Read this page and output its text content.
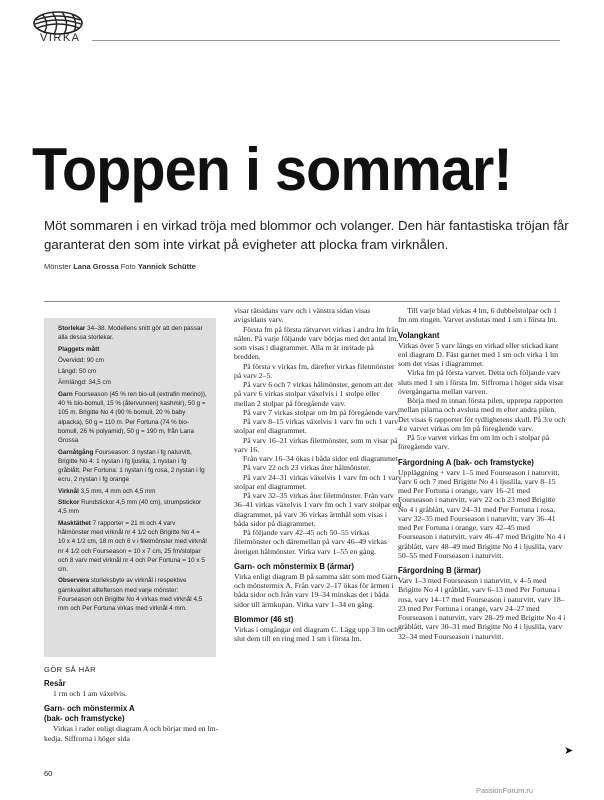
VIRKA
Toppen i sommar!

Möt sommaren i en virkad tröja med blommor och volanger. Den här fantastiska tröjan får garanterat den som inte virkat på evigheter att plocka fram virknålen.

Mönster Lana Grossa Foto Yannick Schütte

Storlekar 34–38. Modellens snitt gör att den passar alla dessa storlekar.

Plaggets mått

Övervidd: 90 cm

Längd: 50 cm

Ärmlängd: 34,5 cm

Garn Fourseason (45 % ren bio-ull (extrafin merino)), 40 % bio-bomull, 15 % (återvunnen) kashmir), 50 g = 105 m. Brigitte No 4 (90 % bomull, 20 % baby alpacka), 50 g = 110 m. Per Fortuna (74 % bio-bomull, 26 % polyamid), 50 g = 190 m, från Lana Grossa

Garnåtgång Fourseason: 3 nystan i fg naturvitt, Brigitte No 4: 1 nystan i fg ljuslila, 1 nystan i fg gråblått, Per Fortuna: 1 nystan i fg rosa, 2 nystan i fg ecru, 2 nystan i fg orange

Virknål 3,5 mm, 4 mm och 4,5 mm

Stickor Rundstickor 4,5 mm (40 cm), strumpstickor 4,5 mm

Masktäthet 7 rapporter = 21 m och 4 varv hålmönster med virknål nr 4 1/2 och Brigitte No 4 = 10 x 4 1/2 cm, 18 m och 6 v i filetmönster med virknål nr 4 1/2 och Fourseason = 10 x 7 cm, 25 fm/stolpar och 8 varv med virknål nr 4 och Per Fortuna = 10 x 5 cm.

Observera storleksbyte av virknål i respektive garnkvalitet alltefterson med varje mönster: Fourseason och Brigitte No 4 virkas med virknål 4,5 mm och Per Fortuna virkas med virknål 4 mm.

GÖR SÅ HÄR
Resår

1 rm och 1 am växelvis.

Garn- och mönstermix A
(bak- och framstycke)

Virkas i rader enligt diagram A och börjar med en lm-kedja. Siffrorna i höger sida

visar rätsidans varv och i vänstra sidan visas avigsidans varv.

Första fm på första rätvarvet virkas i andra lm från nålen. På varje följande varv börjas med det antal lm, som visas i diagrammet. Alla m är inritade på bredden.

På första v virkas fm, därefter virkas filetmönster på varv 2–5.

På varv 6 och 7 virkas hålmönster, genom att det på varv 6 virkas stolpar växelvis i 1 stolpe eller mellan 2 stolpar på föregående varv.

På varv 7 virkas stolpar om lm på föregående varv.

På varv 8–15 virkas växelvis 1 varv fm och 1 varv stolpar enl diagrammet.

På varv 16–21 virkas filetmönster, som m visar på varv 16.

Från varv 16–34 ökas i båda sidor enl diagrammet.

På varv 22 och 23 virkas åter hålmönster.

På varv 24–31 virkas växelvis 1 varv fm och 1 varv stolpar enl diagrammet.

På varv 32–35 virkas åter filetmönster. Från varv 36–41 virkas växelvis 1 varv fm och 1 varv stolpar enl diagrammet, på varv 36 virkas ärmhål som visas i båda sidor på diagrammet.

På följande varv 42–45 och 50–55 virkas filetmönster och däremellan på varv 46–49 virkas återigen hålmönster. Virka varv 1–55 en gång.

Garn- och mönstermix B (ärmar)

Virka enligt diagram B på samma sätt som med Garn- och mönstermix A. Från varv 2–17 ökas för ärmen i båda sidor och från varv 19–34 minskas det i båda sidor till ärmkupan. Virka varv 1–34 en gång.

Blommor (46 st)

Virkas i omgångar enl diagram C. Lägg upp 3 lm och slut dem till en ring med 1 sm i första lm.

Till varje blad virkas 4 lm, 6 dubbelstolpar och 1 fm om ringen. Varvet avslutas med 1 sm i första lm.

Volangkant

Virkas över 5 varv längs en virkad eller stickad kant enl diagram D. Fäst garnet med 1 sm och virka 1 lm som det visas i diagrammet.

Virka fm på första varvet. Detta och följande varv sluts med 1 sm i första lm. Siffrorna i höger sida visar övergångarna mellan varven.

Börja med m innan första pilen, upprepa rapporten mellan pilarna och avsluta med m efter andra pilen. Det visas 6 rapporter för tydlighetens skull. På 3:e och 4:e varvet virkas om lm på föregående varv.

På 5:e varvet virkas fm om lm och i stolpar på föregående varv.

Färgordning A (bak- och framstycke)

Uppläggning + varv 1–5 med Fourseason i naturvitt, varv 6 och 7 med Brigitte No 4 i ljuslila, varv 8–15 med Per Fortuna i orange, varv 16–21 med Fourseason i naturvitt, varv 22 och 23 med Brigitte No 4 i gråblått, varv 24–31 med Per Fortuna i rosa, varv 32–35 med Fourseason i naturvitt, varv 36–41 med Per Fortuna i orange, varv 42–45 med Fourseason i naturvitt, varv 46–47 med Brigitte No 4 i gråblått, varv 48–49 med Brigitte No 4 i ljuslila, varv 50–55 med Fourseason i naturvitt.

Färgordning B (ärmar)

Varv 1–3 med Fourseason i naturvitt, v 4–5 med Brigitte No 4 i gråblått, varv 6–13 med Per Fortuna i rosa, varv 14–17 med Fourseason i naturvitt, varv 18–23 med Per Fortuna i orange, varv 24–27 med Fourseason i naturvitt, varv 28–29 med Brigitte No 4 i gråblått, varv 30–31 med Brigitte No 4 i ljuslila, varv 32–34 med Fourseason i naturvitt.

➤
60
PassionForum.ru
